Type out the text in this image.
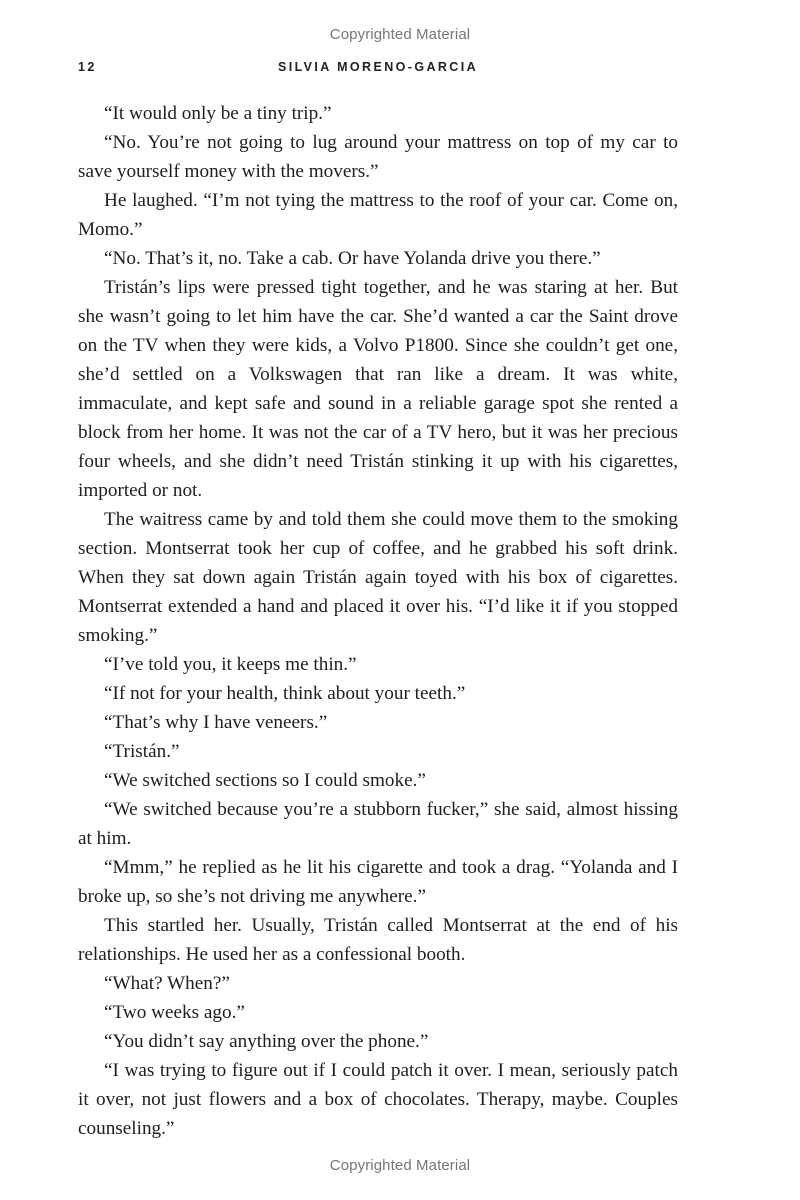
Copyrighted Material
12	SILVIA MORENO-GARCIA

“It would only be a tiny trip.”

“No. You’re not going to lug around your mattress on top of my car to save yourself money with the movers.”

He laughed. “I’m not tying the mattress to the roof of your car. Come on, Momo.”

“No. That’s it, no. Take a cab. Or have Yolanda drive you there.”

Tristán’s lips were pressed tight together, and he was staring at her. But she wasn’t going to let him have the car. She’d wanted a car the Saint drove on the TV when they were kids, a Volvo P1800. Since she couldn’t get one, she’d settled on a Volkswagen that ran like a dream. It was white, immaculate, and kept safe and sound in a reliable garage spot she rented a block from her home. It was not the car of a TV hero, but it was her precious four wheels, and she didn’t need Tristán stinking it up with his cigarettes, imported or not.

The waitress came by and told them she could move them to the smoking section. Montserrat took her cup of coffee, and he grabbed his soft drink. When they sat down again Tristán again toyed with his box of cigarettes. Montserrat extended a hand and placed it over his. “I’d like it if you stopped smoking.”

“I’ve told you, it keeps me thin.”

“If not for your health, think about your teeth.”

“That’s why I have veneers.”

“Tristán.”

“We switched sections so I could smoke.”

“We switched because you’re a stubborn fucker,” she said, almost hissing at him.

“Mmm,” he replied as he lit his cigarette and took a drag. “Yolanda and I broke up, so she’s not driving me anywhere.”

This startled her. Usually, Tristán called Montserrat at the end of his relationships. He used her as a confessional booth.

“What? When?”

“Two weeks ago.”

“You didn’t say anything over the phone.”

“I was trying to figure out if I could patch it over. I mean, seriously patch it over, not just flowers and a box of chocolates. Therapy, maybe. Couples counseling.”

Copyrighted Material
